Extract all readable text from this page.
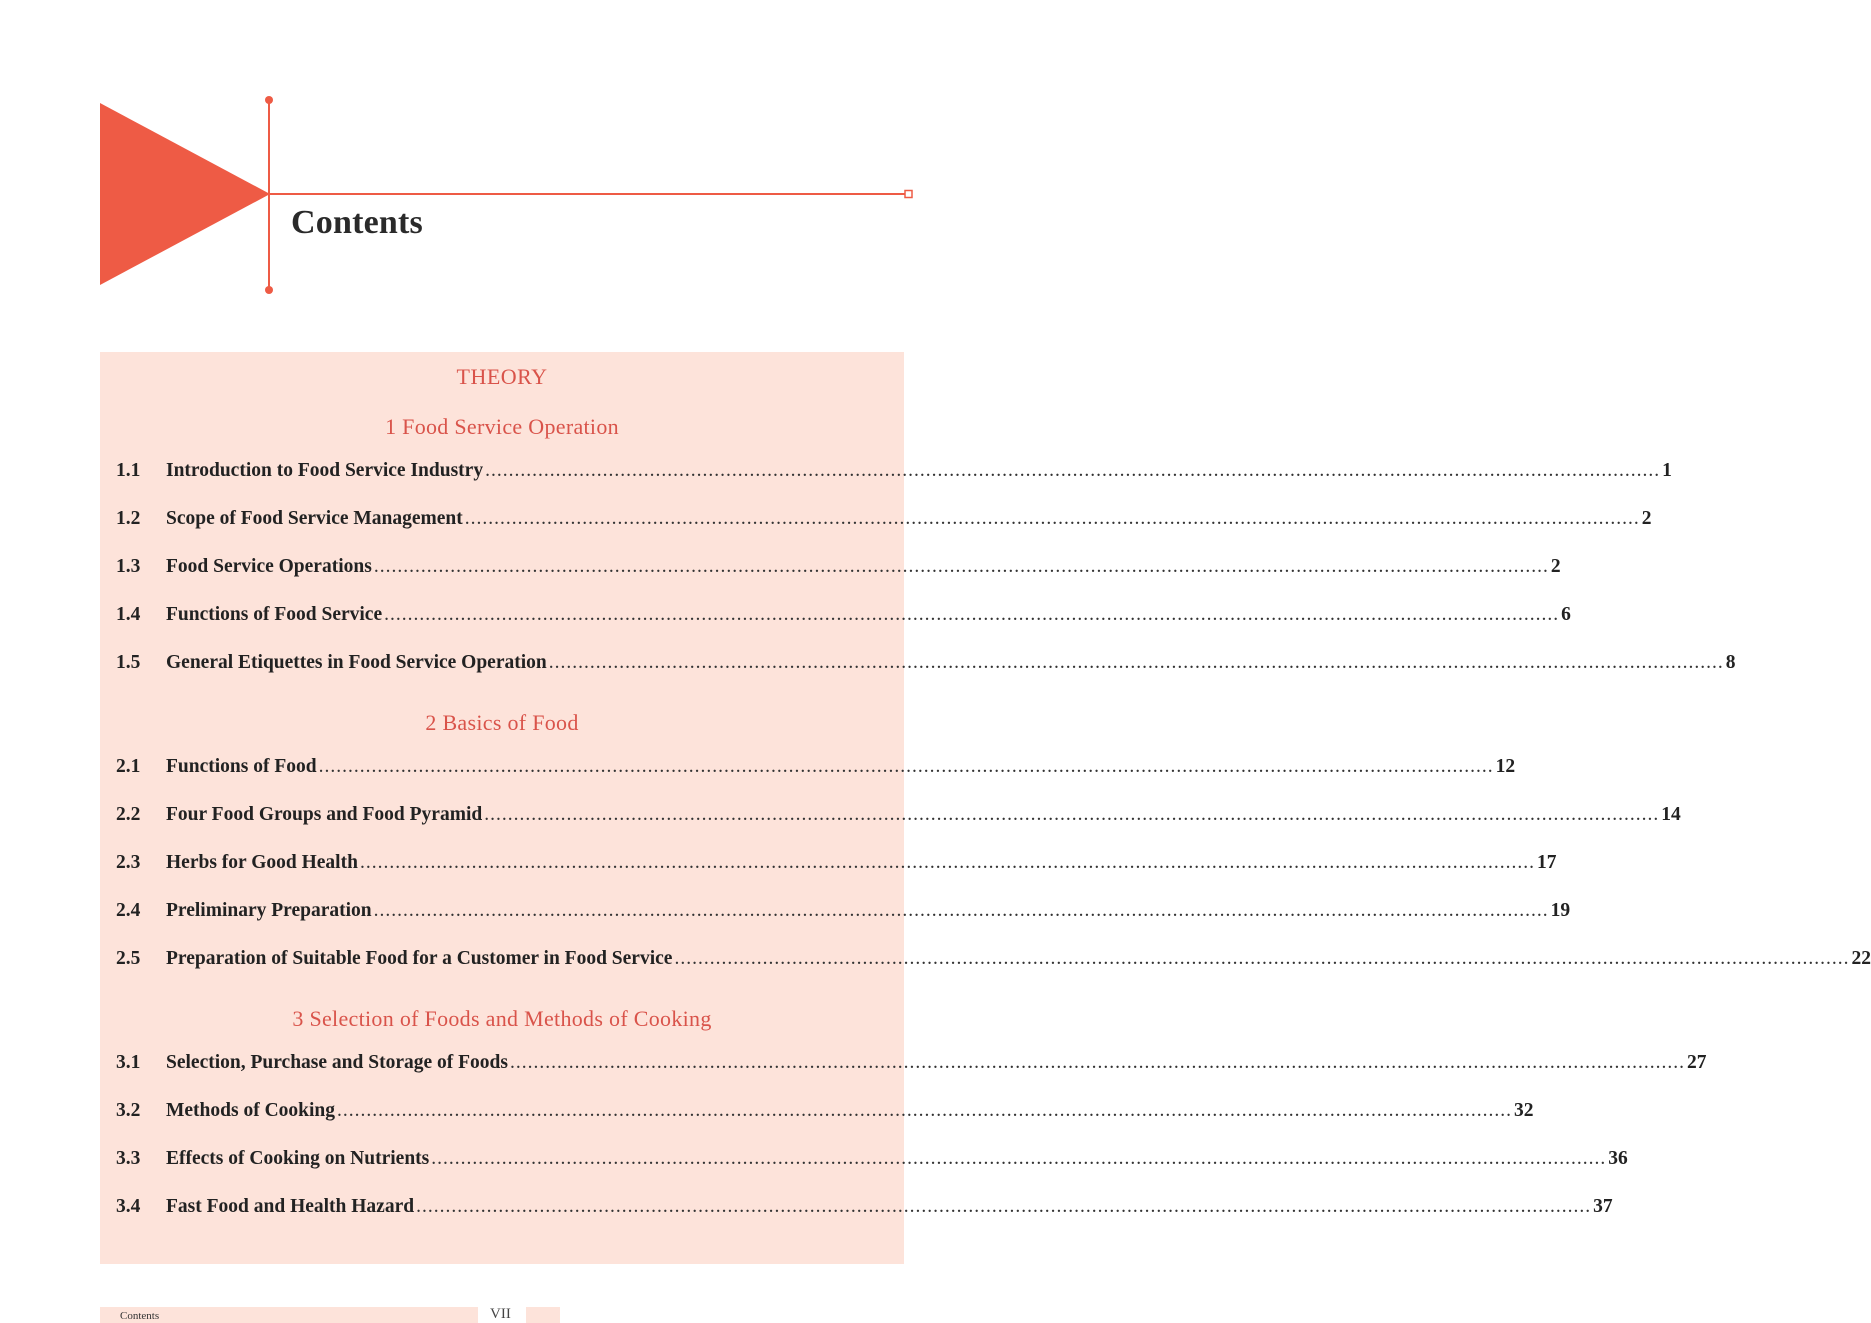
Contents
THEORY
1 Food Service Operation
1.1	Introduction to Food Service Industry ........................................................................................................................................................................................................ 1
1.2	Scope of Food Service Management ........................................................................................................................................................................................................ 2
1.3	Food Service Operations ........................................................................................................................................................................................................ 2
1.4	Functions of Food Service ........................................................................................................................................................................................................ 6
1.5	General Etiquettes in Food Service Operation ........................................................................................................................................................................................................ 8
2 Basics of Food
2.1	Functions of Food ........................................................................................................................................................................................................ 12
2.2	Four Food Groups and Food Pyramid ........................................................................................................................................................................................................ 14
2.3	Herbs for Good Health ........................................................................................................................................................................................................ 17
2.4	Preliminary Preparation ........................................................................................................................................................................................................ 19
2.5	Preparation of Suitable Food for a Customer in Food Service ........................................................................................................................................................................................................ 22
3 Selection of Foods and Methods of Cooking
3.1	Selection, Purchase and Storage of Foods ........................................................................................................................................................................................................ 27
3.2	Methods of Cooking ........................................................................................................................................................................................................ 32
3.3	Effects of Cooking on Nutrients ........................................................................................................................................................................................................ 36
3.4	Fast Food and Health Hazard ........................................................................................................................................................................................................ 37
Contents	VII
